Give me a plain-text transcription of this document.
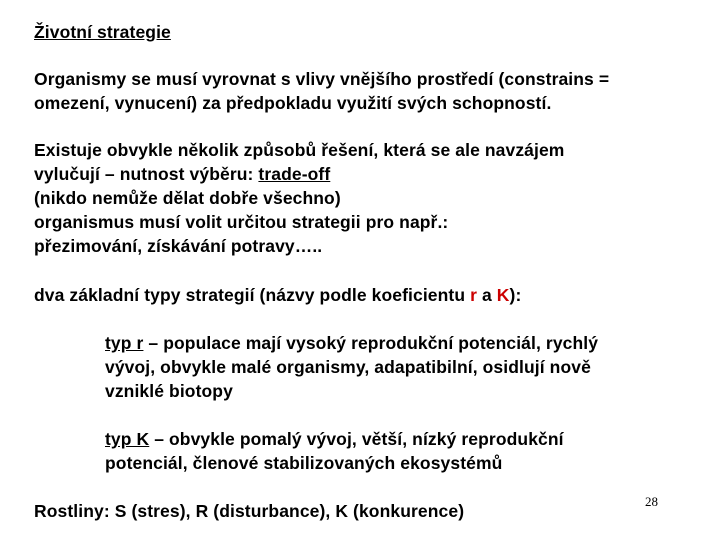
Životní strategie
Organismy se musí vyrovnat s vlivy vnějšího prostředí (constrains =
omezení, vynucení) za předpokladu využití svých schopností.
Existuje obvykle několik způsobů řešení, která se ale navzájem
vylučují – nutnost výběru: trade-off
(nikdo nemůže dělat dobře všechno)
organismus musí volit určitou strategii pro např.:
přezimování, získávání potravy…..
dva základní typy strategií (názvy podle koeficientu r a K):
typ r – populace mají vysoký reprodukční potenciál, rychlý
vývoj, obvykle malé organismy, adapatibilní, osidlují nově
vzniklé biotopy
typ K – obvykle pomalý vývoj, větší, nízký reprodukční
potenciál, členové stabilizovaných ekosystémů
Rostliny: S (stres), R (disturbance), K (konkurence)	28
